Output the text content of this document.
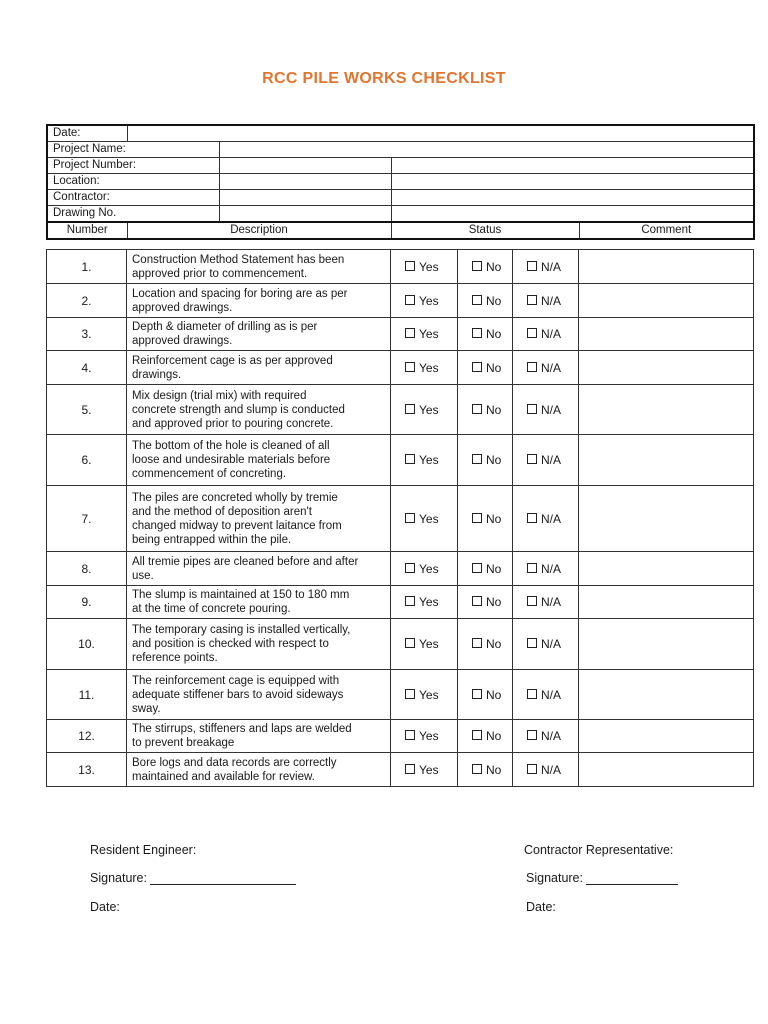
RCC PILE WORKS CHECKLIST
Date:				
Project Name:				
Project Number:				
Location:				
Contractor:				
Drawing No.				
Number	Description		Status	Comment
1.	Construction Method Statement has been
approved prior to commencement.	Yes	No	N/A	
2.	Location and spacing for boring are as per
approved drawings.	Yes	No	N/A	
3.	Depth & diameter of drilling as is per
approved drawings.	Yes	No	N/A	
4.	Reinforcement cage is as per approved
drawings.	Yes	No	N/A	
5.	Mix design (trial mix) with required
concrete strength and slump is conducted
and approved prior to pouring concrete.	Yes	No	N/A	
6.	The bottom of the hole is cleaned of all
loose and undesirable materials before
commencement of concreting.	Yes	No	N/A	
7.	The piles are concreted wholly by tremie
and the method of deposition aren't
changed midway to prevent laitance from
being entrapped within the pile.	Yes	No	N/A	
8.	All tremie pipes are cleaned before and after
use.	Yes	No	N/A	
9.	The slump is maintained at 150 to 180 mm
at the time of concrete pouring.	Yes	No	N/A	
10.	The temporary casing is installed vertically,
and position is checked with respect to
reference points.	Yes	No	N/A	
11.	The reinforcement cage is equipped with
adequate stiffener bars to avoid sideways
sway.	Yes	No	N/A	
12.	The stirrups, stiffeners and laps are welded
to prevent breakage	Yes	No	N/A	
13.	Bore logs and data records are correctly
maintained and available for review.	Yes	No	N/A	
Resident Engineer:
Signature:
Date:
Contractor Representative:
Signature:
Date:
